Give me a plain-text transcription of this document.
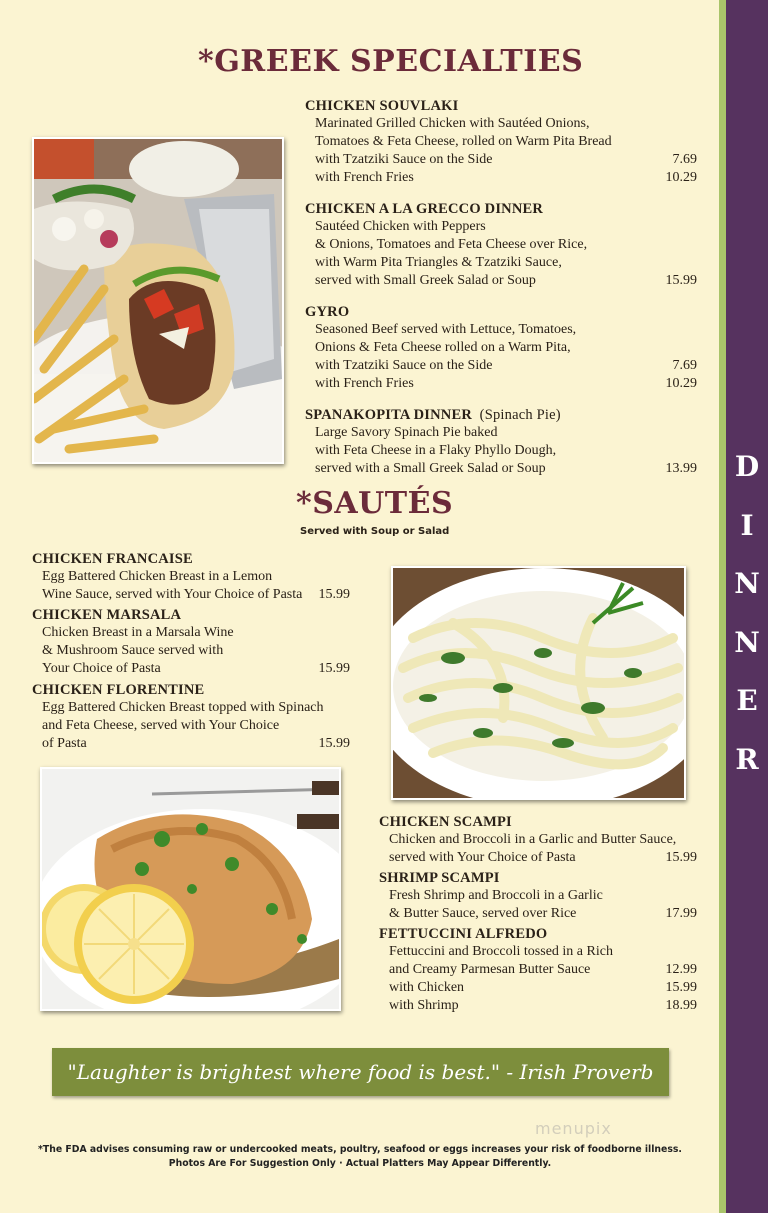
D
I
N
N
E
R
*GREEK SPECIALTIES
CHICKEN SOUVLAKI
Marinated Grilled Chicken with Sautéed Onions,
Tomatoes & Feta Cheese, rolled on Warm Pita Bread
with Tzatziki Sauce on the Side	7.69
with French Fries	10.29
CHICKEN A LA GRECCO DINNER
Sautéed Chicken with Peppers
& Onions, Tomatoes and Feta Cheese over Rice,
with Warm Pita Triangles & Tzatziki Sauce,
served with Small Greek Salad or Soup	15.99
GYRO
Seasoned Beef served with Lettuce, Tomatoes,
Onions & Feta Cheese rolled on a Warm Pita,
with Tzatziki Sauce on the Side	7.69
with French Fries	10.29
SPANAKOPITA DINNER (Spinach Pie)
Large Savory Spinach Pie baked
with Feta Cheese in a Flaky Phyllo Dough,
served with a Small Greek Salad or Soup	13.99
*SAUTÉS
Served with Soup or Salad
CHICKEN FRANCAISE
Egg Battered Chicken Breast in a Lemon
Wine Sauce, served with Your Choice of Pasta 15.99
CHICKEN MARSALA
Chicken Breast in a Marsala Wine
& Mushroom Sauce served with
Your Choice of Pasta	15.99
CHICKEN FLORENTINE
Egg Battered Chicken Breast topped with Spinach
and Feta Cheese, served with Your Choice
of Pasta	15.99
CHICKEN SCAMPI
Chicken and Broccoli in a Garlic and Butter Sauce,
served with Your Choice of Pasta	15.99
SHRIMP SCAMPI
Fresh Shrimp and Broccoli in a Garlic
& Butter Sauce, served over Rice	17.99
FETTUCCINI ALFREDO
Fettuccini and Broccoli tossed in a Rich
and Creamy Parmesan Butter Sauce	12.99
with Chicken	15.99
with Shrimp	18.99
"Laughter is brightest where food is best." - Irish Proverb
menupix
*The FDA advises consuming raw or undercooked meats, poultry, seafood or eggs increases your risk of foodborne illness.
Photos Are For Suggestion Only · Actual Platters May Appear Differently.
